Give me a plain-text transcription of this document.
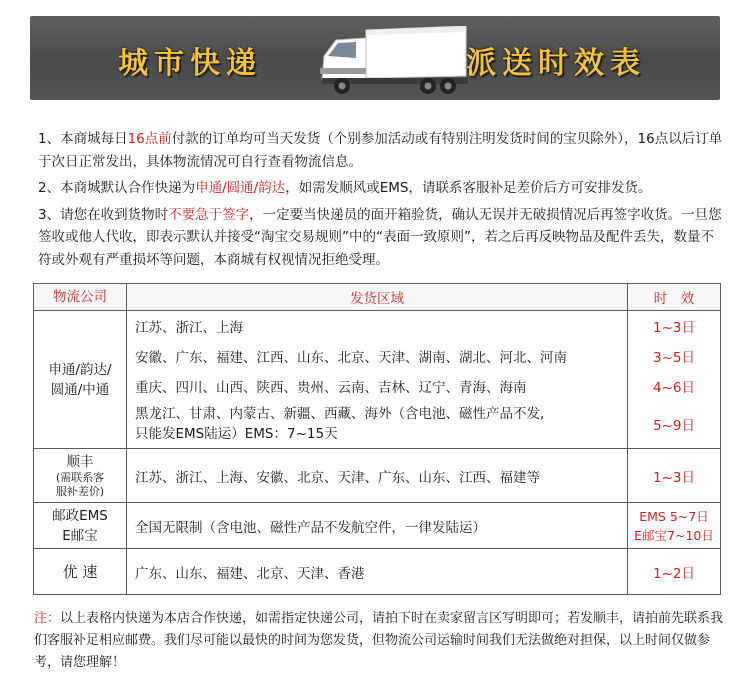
城市快递	派送时效表

1、本商城每日16点前付款的订单均可当天发货（个别参加活动或有特别注明发货时间的宝贝除外），16点以后订单于次日正常发出，具体物流情况可自行查看物流信息。

2、本商城默认合作快递为申通/圆通/韵达，如需发顺风或EMS，请联系客服补足差价后方可安排发货。

3、请您在收到货物时不要急于签字，一定要当快递员的面开箱验货，确认无误并无破损情况后再签字收货。一旦您签收或他人代收，即表示默认并接受“淘宝交易规则”中的“表面一致原则”，若之后再反映物品及配件丢失，数量不符或外观有严重损坏等问题，本商城有权视情况拒绝受理。

物流公司	发货区域	时　效

申通/韵达/
圆通/中通	江苏、浙江、上海	1~3日
	安徽、广东、福建、江西、山东、北京、天津、湖南、湖北、河北、河南	3~5日
	重庆、四川、山西、陕西、贵州、云南、吉林、辽宁、青海、海南	4~6日

	黑龙江、甘肃、内蒙古、新疆、西藏、海外（含电池、磁性产品不发,
只能发EMS陆运）EMS：7~15天	5~9日

顺丰
(需联系客
服补差价)	江苏、浙江、上海、安徽、北京、天津、广东、山东、江西、福建等	1~3日

邮政EMS
E邮宝	全国无限制（含电池、磁性产品不发航空件，一律发陆运）	EMS 5~7日
E邮宝7~10日

优 速	广东、山东、福建、北京、天津、香港	1~2日
注：以上表格内快递为本店合作快递，如需指定快递公司，请拍下时在卖家留言区写明即可；若发顺丰，请拍前先联系我们客服补足相应邮费。我们尽可能以最快的时间为您发货，但物流公司运输时间我们无法做绝对担保，以上时间仅做参考，请您理解！
